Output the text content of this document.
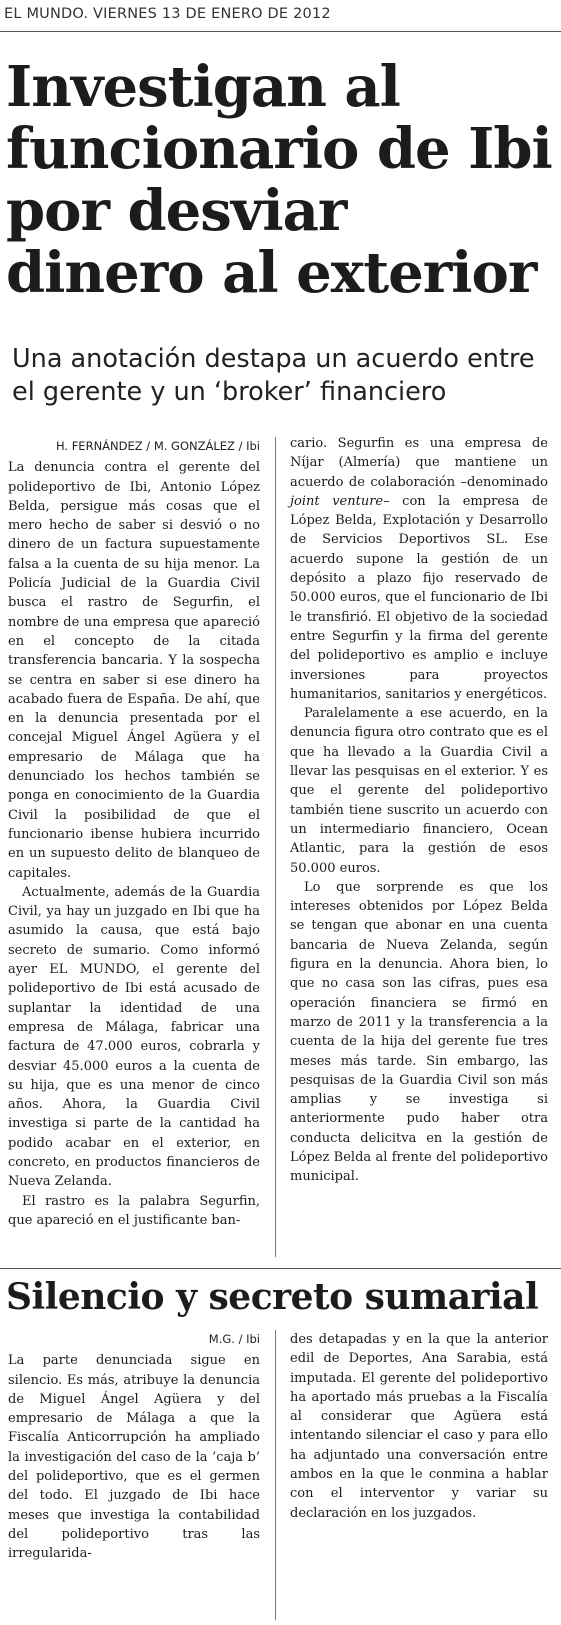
EL MUNDO. VIERNES 13 DE ENERO DE 2012
Investigan al funcionario de Ibi por desviar dinero al exterior
Una anotación destapa un acuerdo entre el gerente y un ‘broker’ financiero
H. FERNÁNDEZ / M. GONZÁLEZ / Ibi

La denuncia contra el gerente del polideportivo de Ibi, Antonio López Belda, persigue más cosas que el mero hecho de saber si desvió o no dinero de un factura supuestamente falsa a la cuenta de su hija menor. La Policía Judicial de la Guardia Civil busca el rastro de Segurfin, el nombre de una empresa que apareció en el concepto de la citada transferencia bancaria. Y la sospecha se centra en saber si ese dinero ha acabado fuera de España. De ahí, que en la denuncia presentada por el concejal Miguel Ángel Agüera y el empresario de Málaga que ha denunciado los hechos también se ponga en conocimiento de la Guardia Civil la posibilidad de que el funcionario ibense hubiera incurrido en un supuesto delito de blanqueo de capitales.

Actualmente, además de la Guardia Civil, ya hay un juzgado en Ibi que ha asumido la causa, que está bajo secreto de sumario. Como informó ayer EL MUNDO, el gerente del polideportivo de Ibi está acusado de suplantar la identidad de una empresa de Málaga, fabricar una factura de 47.000 euros, cobrarla y desviar 45.000 euros a la cuenta de su hija, que es una menor de cinco años. Ahora, la Guardia Civil investiga si parte de la cantidad ha podido acabar en el exterior, en concreto, en productos financieros de Nueva Zelanda.

El rastro es la palabra Segurfin, que apareció en el justificante ban-

cario. Segurfin es una empresa de Níjar (Almería) que mantiene un acuerdo de colaboración –denominado joint venture– con la empresa de López Belda, Explotación y Desarrollo de Servicios Deportivos SL. Ese acuerdo supone la gestión de un depósito a plazo fijo reservado de 50.000 euros, que el funcionario de Ibi le transfirió. El objetivo de la sociedad entre Segurfin y la firma del gerente del polideportivo es amplio e incluye inversiones para proyectos humanitarios, sanitarios y energéticos.

Paralelamente a ese acuerdo, en la denuncia figura otro contrato que es el que ha llevado a la Guardia Civil a llevar las pesquisas en el exterior. Y es que el gerente del polideportivo también tiene suscrito un acuerdo con un intermediario financiero, Ocean Atlantic, para la gestión de esos 50.000 euros.

Lo que sorprende es que los intereses obtenidos por López Belda se tengan que abonar en una cuenta bancaria de Nueva Zelanda, según figura en la denuncia. Ahora bien, lo que no casa son las cifras, pues esa operación financiera se firmó en marzo de 2011 y la transferencia a la cuenta de la hija del gerente fue tres meses más tarde. Sin embargo, las pesquisas de la Guardia Civil son más amplias y se investiga si anteriormente pudo haber otra conducta delicitva en la gestión de López Belda al frente del polideportivo municipal.

Silencio y secreto sumarial
M.G. / Ibi

La parte denunciada sigue en silencio. Es más, atribuye la denuncia de Miguel Ángel Agüera y del empresario de Málaga a que la Fiscalía Anticorrupción ha ampliado la investigación del caso de la ‘caja b’ del polideportivo, que es el germen del todo. El juzgado de Ibi hace meses que investiga la contabilidad del polideportivo tras las irregularida-

des detapadas y en la que la anterior edil de Deportes, Ana Sarabia, está imputada. El gerente del polideportivo ha aportado más pruebas a la Fiscalía al considerar que Agüera está intentando silenciar el caso y para ello ha adjuntado una conversación entre ambos en la que le conmina a hablar con el interventor y variar su declaración en los juzgados.
